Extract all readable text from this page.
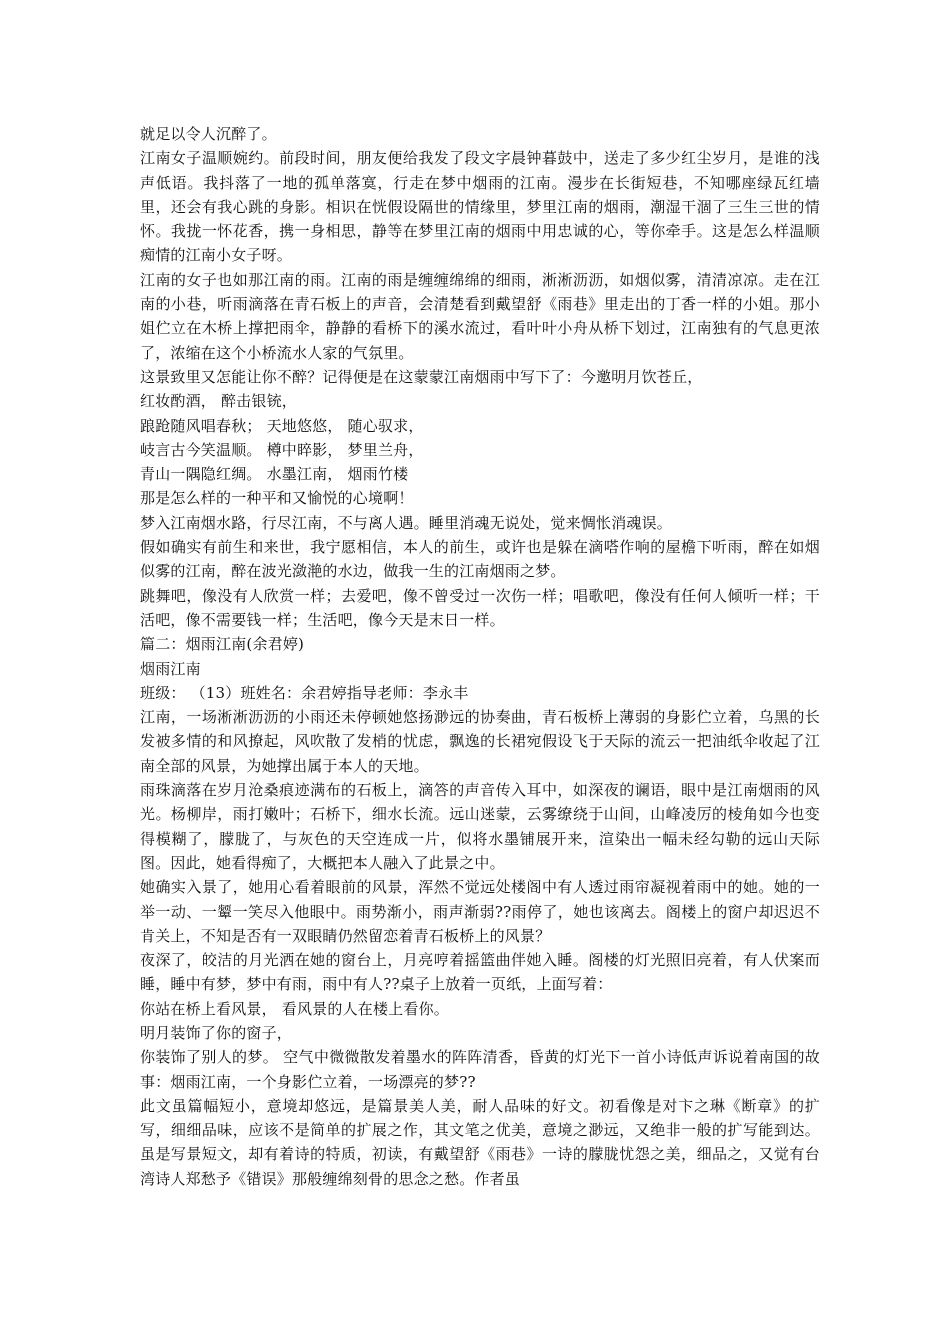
就足以令人沉醉了。

江南女子温顺婉约。前段时间，朋友便给我发了段文字晨钟暮鼓中，送走了多少红尘岁月，是谁的浅声低语。我抖落了一地的孤单落寞，行走在梦中烟雨的江南。漫步在长街短巷，不知哪座绿瓦红墙里，还会有我心跳的身影。相识在恍假设隔世的情缘里，梦里江南的烟雨，潮湿干涸了三生三世的情怀。我拢一怀花香，携一身相思，静等在梦里江南的烟雨中用忠诚的心，等你牵手。这是怎么样温顺痴情的江南小女子呀。

江南的女子也如那江南的雨。江南的雨是缠缠绵绵的细雨，淅淅沥沥，如烟似雾，清清凉凉。走在江南的小巷，听雨滴落在青石板上的声音，会清楚看到戴望舒《雨巷》里走出的丁香一样的小姐。那小姐伫立在木桥上撑把雨伞，静静的看桥下的溪水流过，看叶叶小舟从桥下划过，江南独有的气息更浓了，浓缩在这个小桥流水人家的气氛里。

这景致里又怎能让你不醉？记得便是在这蒙蒙江南烟雨中写下了：今邀明月饮苍丘，

红妆酌酒， 醉击银铳，

踉跄随风唱春秋； 天地悠悠， 随心驭求，

岐言古今笑温顺。 樽中睟影， 梦里兰舟，

青山一隅隐红绸。 水墨江南， 烟雨竹楼

那是怎么样的一种平和又愉悦的心境啊！

梦入江南烟水路，行尽江南，不与离人遇。睡里消魂无说处，觉来惆怅消魂误。

假如确实有前生和来世，我宁愿相信，本人的前生，或许也是躲在滴嗒作响的屋檐下听雨，醉在如烟似雾的江南，醉在波光潋滟的水边，做我一生的江南烟雨之梦。

跳舞吧，像没有人欣赏一样；去爱吧，像不曾受过一次伤一样；唱歌吧，像没有任何人倾听一样；干活吧，像不需要钱一样；生活吧，像今天是末日一样。

篇二：烟雨江南(余君婷)

烟雨江南

班级： （13）班姓名：余君婷指导老师：李永丰

江南，一场淅淅沥沥的小雨还未停顿她悠扬渺远的协奏曲，青石板桥上薄弱的身影伫立着，乌黑的长发被多情的和风撩起，风吹散了发梢的忧虑，飘逸的长裙宛假设飞于天际的流云一把油纸伞收起了江南全部的风景，为她撑出属于本人的天地。

雨珠滴落在岁月沧桑痕迹满布的石板上，滴答的声音传入耳中，如深夜的谰语，眼中是江南烟雨的风光。杨柳岸，雨打嫩叶；石桥下，细水长流。远山迷蒙，云雾缭绕于山间，山峰凌厉的棱角如今也变得模糊了，朦胧了，与灰色的天空连成一片，似将水墨铺展开来，渲染出一幅未经勾勒的远山天际图。因此，她看得痴了，大概把本人融入了此景之中。

她确实入景了，她用心看着眼前的风景，浑然不觉远处楼阁中有人透过雨帘凝视着雨中的她。她的一举一动、一颦一笑尽入他眼中。雨势渐小，雨声渐弱??雨停了，她也该离去。阁楼上的窗户却迟迟不肯关上，不知是否有一双眼睛仍然留恋着青石板桥上的风景？

夜深了，皎洁的月光洒在她的窗台上，月亮哼着摇篮曲伴她入睡。阁楼的灯光照旧亮着，有人伏案而睡，睡中有梦，梦中有雨，雨中有人??桌子上放着一页纸，上面写着：

你站在桥上看风景， 看风景的人在楼上看你。

明月装饰了你的窗子，

你装饰了别人的梦。 空气中微微散发着墨水的阵阵清香，昏黄的灯光下一首小诗低声诉说着南国的故事：烟雨江南，一个身影伫立着，一场漂亮的梦??

此文虽篇幅短小，意境却悠远，是篇景美人美，耐人品味的好文。初看像是对卞之琳《断章》的扩写，细细品味，应该不是简单的扩展之作，其文笔之优美，意境之渺远，又绝非一般的扩写能到达。虽是写景短文，却有着诗的特质，初读，有戴望舒《雨巷》一诗的朦胧忧怨之美，细品之，又觉有台湾诗人郑愁予《错误》那般缠绵刻骨的思念之愁。作者虽
